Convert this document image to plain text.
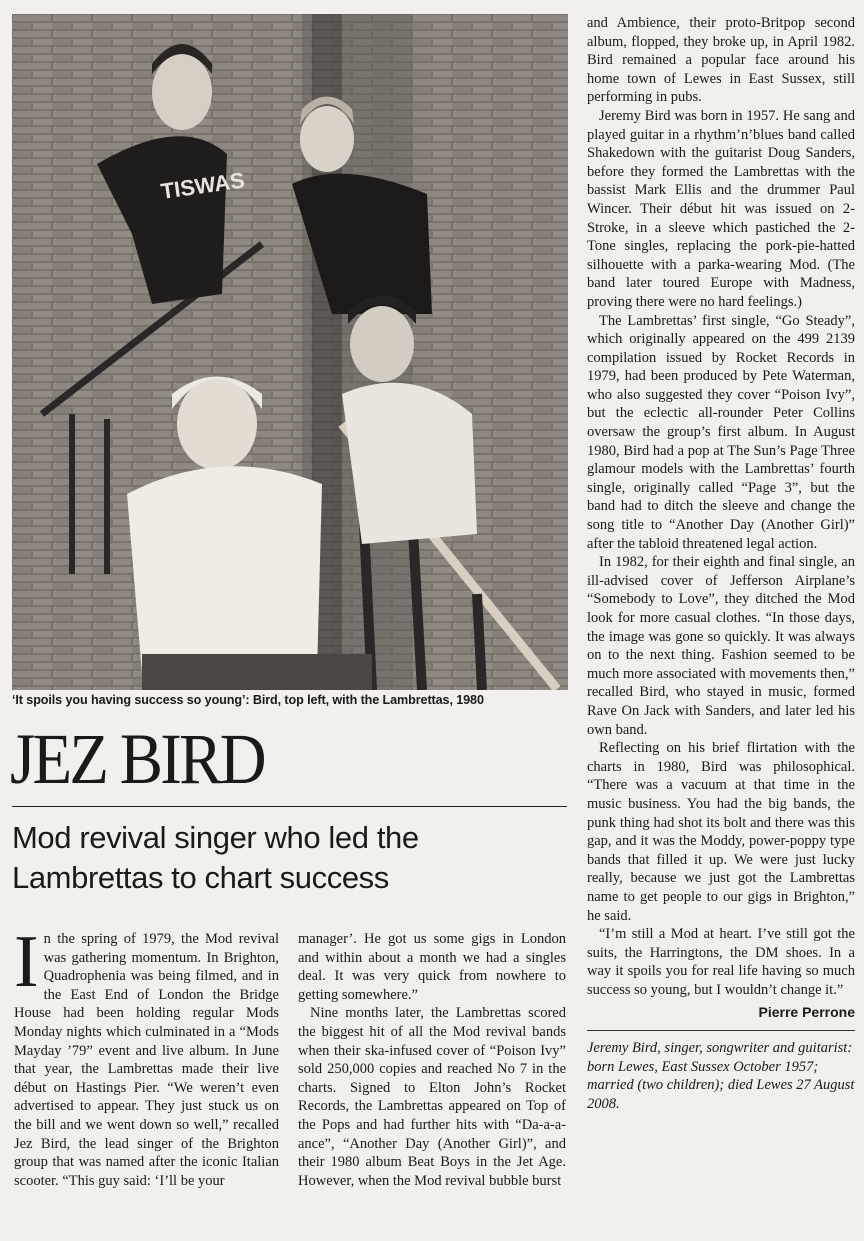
TISWAS
‘It spoils you having success so young’: Bird, top left, with the Lambrettas, 1980
JEZ BIRD
Mod revival singer who led the
Lambrettas to chart success

In the spring of 1979, the Mod revival was gathering momentum. In Brighton, Quadrophenia was being filmed, and in the East End of London the Bridge House had been holding regular Mods Monday nights which culminated in a “Mods Mayday ’79” event and live album. In June that year, the Lambrettas made their live début on Hastings Pier. “We weren’t even advertised to appear. They just stuck us on the bill and we went down so well,” recalled Jez Bird, the lead singer of the Brighton group that was named after the iconic Italian scooter. “This guy said: ‘I’ll be your

manager’. He got us some gigs in London and within about a month we had a singles deal. It was very quick from nowhere to getting somewhere.”

Nine months later, the Lambrettas scored the biggest hit of all the Mod revival bands when their ska-infused cover of “Poison Ivy” sold 250,000 copies and reached No 7 in the charts. Signed to Elton John’s Rocket Records, the Lambrettas appeared on Top of the Pops and had further hits with “Da-a-a-ance”, “Another Day (Another Girl)”, and their 1980 album Beat Boys in the Jet Age. However, when the Mod revival bubble burst

and Ambience, their proto-Britpop second album, flopped, they broke up, in April 1982. Bird remained a popular face around his home town of Lewes in East Sussex, still performing in pubs.

Jeremy Bird was born in 1957. He sang and played guitar in a rhythm’n’blues band called Shakedown with the guitarist Doug Sanders, before they formed the Lambrettas with the bassist Mark Ellis and the drummer Paul Wincer. Their début hit was issued on 2-Stroke, in a sleeve which pastiched the 2-Tone singles, replacing the pork-pie-hatted silhouette with a parka-wearing Mod. (The band later toured Europe with Madness, proving there were no hard feelings.)

The Lambrettas’ first single, “Go Steady”, which originally appeared on the 499 2139 compilation issued by Rocket Records in 1979, had been produced by Pete Waterman, who also suggested they cover “Poison Ivy”, but the eclectic all-rounder Peter Collins oversaw the group’s first album. In August 1980, Bird had a pop at The Sun’s Page Three glamour models with the Lambrettas’ fourth single, originally called “Page 3”, but the band had to ditch the sleeve and change the song title to “Another Day (Another Girl)” after the tabloid threatened legal action.

In 1982, for their eighth and final single, an ill-advised cover of Jefferson Airplane’s “Somebody to Love”, they ditched the Mod look for more casual clothes. “In those days, the image was gone so quickly. It was always on to the next thing. Fashion seemed to be much more associated with movements then,” recalled Bird, who stayed in music, formed Rave On Jack with Sanders, and later led his own band.

Reflecting on his brief flirtation with the charts in 1980, Bird was philosophical. “There was a vacuum at that time in the music business. You had the big bands, the punk thing had shot its bolt and there was this gap, and it was the Moddy, power-poppy type bands that filled it up. We were just lucky really, because we just got the Lambrettas name to get people to our gigs in Brighton,” he said.

“I’m still a Mod at heart. I’ve still got the suits, the Harringtons, the DM shoes. In a way it spoils you for real life having so much success so young, but I wouldn’t change it.”

Pierre Perrone

Jeremy Bird, singer, songwriter and guitarist: born Lewes, East Sussex October 1957; married (two children); died Lewes 27 August 2008.
